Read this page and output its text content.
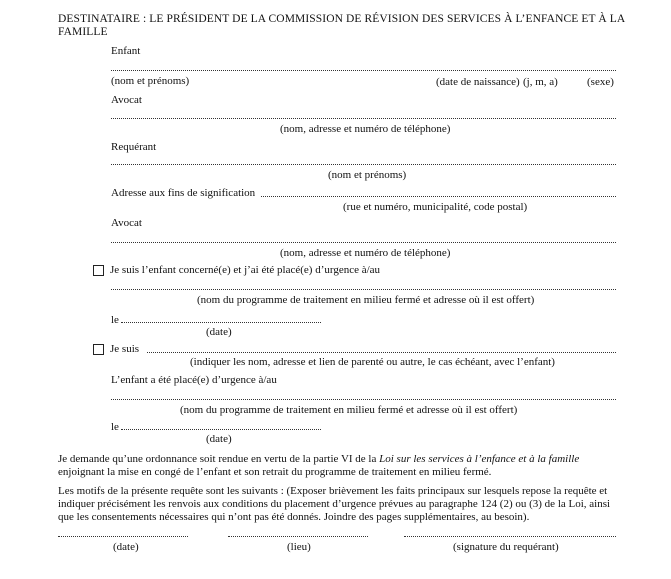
DESTINATAIRE : LE PRÉSIDENT DE LA COMMISSION DE RÉVISION DES SERVICES À L’ENFANCE ET À LA
FAMILLE
Enfant
(nom et prénoms)	(date de naissance) (j, m, a)	(sexe)
Avocat
(nom, adresse et numéro de téléphone)
Requérant
(nom et prénoms)
Adresse aux fins de signification
(rue et numéro, municipalité, code postal)
Avocat
(nom, adresse et numéro de téléphone)
Je suis l’enfant concerné(e) et j’ai été placé(e) d’urgence à/au
(nom du programme de traitement en milieu fermé et adresse où il est offert)
le
(date)
Je suis
(indiquer les nom, adresse et lien de parenté ou autre, le cas échéant, avec l’enfant)
L’enfant a été placé(e) d’urgence à/au
(nom du programme de traitement en milieu fermé et adresse où il est offert)
le
(date)
Je demande qu’une ordonnance soit rendue en vertu de la partie VI de la Loi sur les services à l’enfance et à la famille
enjoignant la mise en congé de l’enfant et son retrait du programme de traitement en milieu fermé.
Les motifs de la présente requête sont les suivants : (Exposer brièvement les faits principaux sur lesquels repose la requête et
indiquer précisément les renvois aux conditions du placement d’urgence prévues au paragraphe 124 (2) ou (3) de la Loi, ainsi
que les consentements nécessaires qui n’ont pas été donnés. Joindre des pages supplémentaires, au besoin).
(date)	(lieu)	(signature du requérant)
